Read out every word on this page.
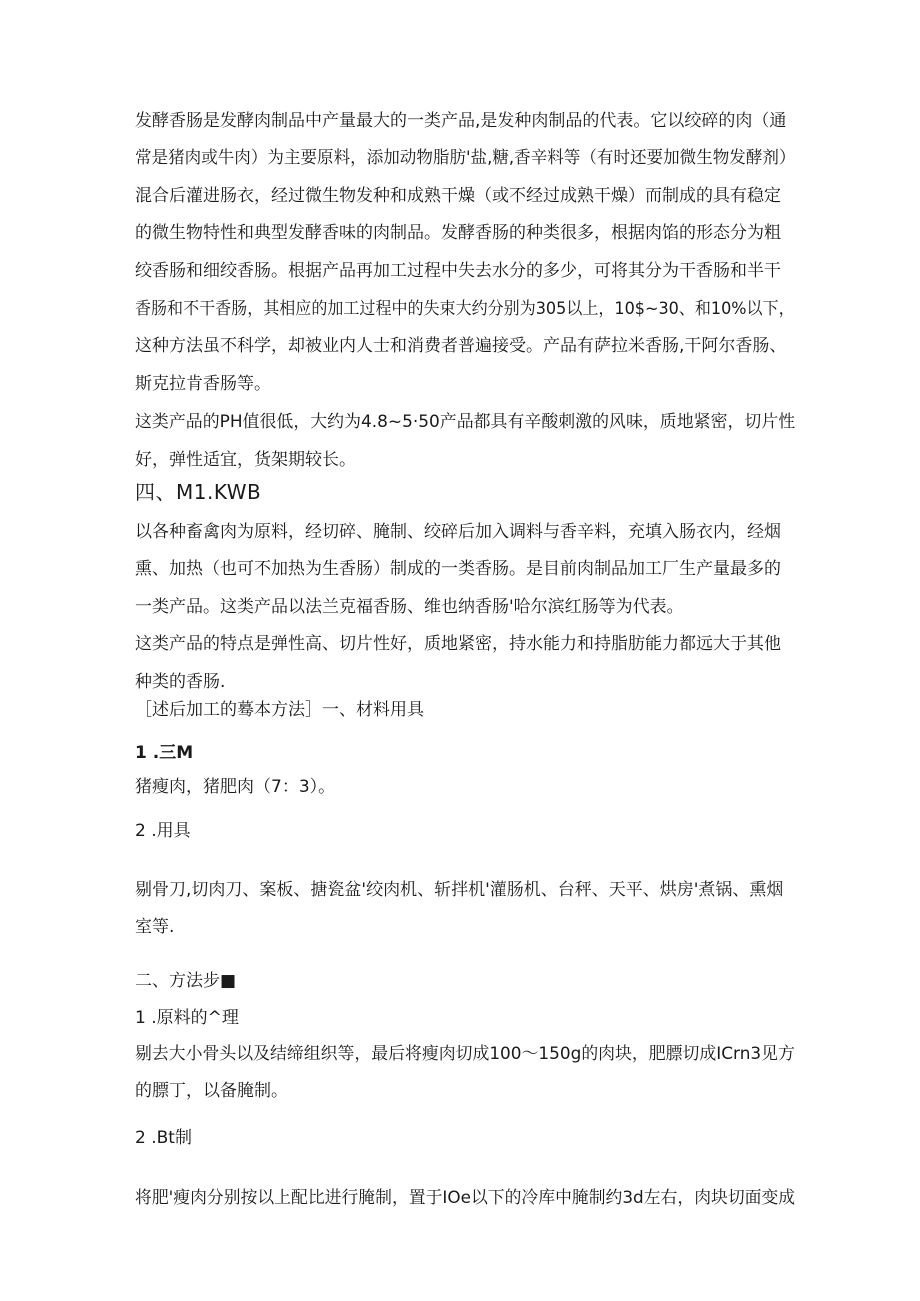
发酵香肠是发酵肉制品中产量最大的一类产品,是发种肉制品的代表。它以绞碎的肉（通
常是猪肉或牛肉）为主要原料，添加动物脂肪'盐,糖,香辛料等（有时还要加微生物发酵剂）
混合后灌进肠衣，经过微生物发种和成熟干燥（或不经过成熟干燥）而制成的具有稳定
的微生物特性和典型发酵香味的肉制品。发酵香肠的种类很多，根据肉馅的形态分为粗
绞香肠和细绞香肠。根据产品再加工过程中失去水分的多少，可将其分为干香肠和半干
香肠和不干香肠，其相应的加工过程中的失束大约分别为305以上，10$~30、和10%以下，
这种方法虽不科学，却被业内人士和消费者普遍接受。产品有萨拉米香肠,干阿尔香肠、
斯克拉肯香肠等。
这类产品的PH值很低，大约为4.8~5·50产品都具有辛酸刺激的风味，质地紧密，切片性
好，弹性适宜，货架期较长。
四、M1.KWB
以各种畜禽肉为原料，经切碎、腌制、绞碎后加入调料与香辛料，充填入肠衣内，经烟
熏、加热（也可不加热为生香肠）制成的一类香肠。是目前肉制品加工厂生产量最多的
一类产品。这类产品以法兰克福香肠、维也纳香肠'哈尔滨红肠等为代表。
这类产品的特点是弹性高、切片性好，质地紧密，持水能力和持脂肪能力都远大于其他
种类的香肠.
［述后加工的蓦本方法］一、材料用具
1 .三M
猪瘦肉，猪肥肉（7：3）。
2 .用具
剔骨刀,切肉刀、案板、搪瓷盆'绞肉机、斩拌机'灌肠机、台秤、天平、烘房'煮锅、熏烟
室等.
二、方法步■
1 .原料的^理
剔去大小骨头以及结缔组织等，最后将瘦肉切成100〜150g的肉块，肥膘切成ICrn3见方
的膘丁，以备腌制。
2 .Bt制
将肥'瘦肉分别按以上配比进行腌制，置于IOe以下的冷库中腌制约3d左右，肉块切面变成
